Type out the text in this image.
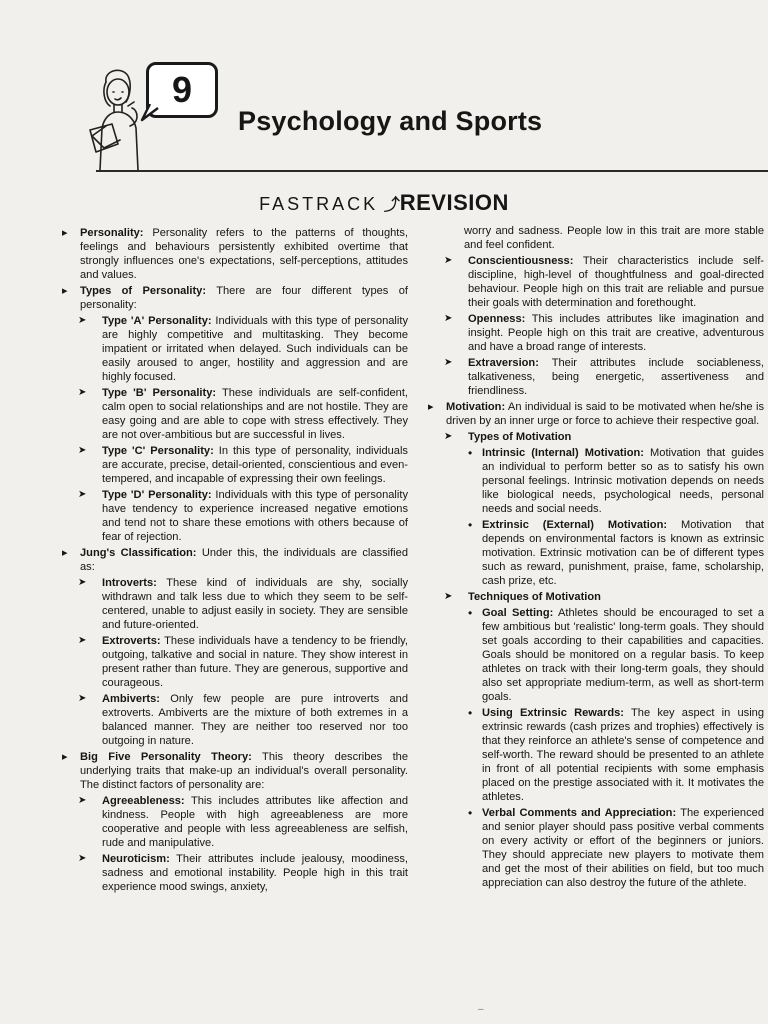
9
Psychology and Sports
FASTRACK ⤴REVISION
▸ Personality: Personality refers to the patterns of thoughts, feelings and behaviours persistently exhibited overtime that strongly influences one's expectations, self-perceptions, attitudes and values.
▸ Types of Personality: There are four different types of personality:
➤ Type 'A' Personality: Individuals with this type of personality are highly competitive and multitasking. They become impatient or irritated when delayed. Such individuals can be easily aroused to anger, hostility and aggression and are highly focused.
➤ Type 'B' Personality: These individuals are self-confident, calm open to social relationships and are not hostile. They are easy going and are able to cope with stress effectively. They are not over-ambitious but are successful in lives.
➤ Type 'C' Personality: In this type of personality, individuals are accurate, precise, detail-oriented, conscientious and even-tempered, and incapable of expressing their own feelings.
➤ Type 'D' Personality: Individuals with this type of personality have tendency to experience increased negative emotions and tend not to share these emotions with others because of fear of rejection.
▸ Jung's Classification: Under this, the individuals are classified as:
➤ Introverts: These kind of individuals are shy, socially withdrawn and talk less due to which they seem to be self-centered, unable to adjust easily in society. They are sensible and future-oriented.
➤ Extroverts: These individuals have a tendency to be friendly, outgoing, talkative and social in nature. They show interest in present rather than future. They are generous, supportive and courageous.
➤ Ambiverts: Only few people are pure introverts and extroverts. Ambiverts are the mixture of both extremes in a balanced manner. They are neither too reserved nor too outgoing in nature.
▸ Big Five Personality Theory: This theory describes the underlying traits that make-up an individual's overall personality. The distinct factors of personality are:
➤ Agreeableness: This includes attributes like affection and kindness. People with high agreeableness are more cooperative and people with less agreeableness are selfish, rude and manipulative.
➤ Neuroticism: Their attributes include jealousy, moodiness, sadness and emotional instability. People high in this trait experience mood swings, anxiety,
worry and sadness. People low in this trait are more stable and feel confident.
➤ Conscientiousness: Their characteristics include self-discipline, high-level of thoughtfulness and goal-directed behaviour. People high on this trait are reliable and pursue their goals with determination and forethought.
➤ Openness: This includes attributes like imagination and insight. People high on this trait are creative, adventurous and have a broad range of interests.
➤ Extraversion: Their attributes include sociableness, talkativeness, being energetic, assertiveness and friendliness.
▸ Motivation: An individual is said to be motivated when he/she is driven by an inner urge or force to achieve their respective goal.
➤ Types of Motivation
• Intrinsic (Internal) Motivation: Motivation that guides an individual to perform better so as to satisfy his own personal feelings. Intrinsic motivation depends on needs like biological needs, psychological needs, personal needs and social needs.
• Extrinsic (External) Motivation: Motivation that depends on environmental factors is known as extrinsic motivation. Extrinsic motivation can be of different types such as reward, punishment, praise, fame, scholarship, cash prize, etc.
➤ Techniques of Motivation
• Goal Setting: Athletes should be encouraged to set a few ambitious but 'realistic' long-term goals. They should set goals according to their capabilities and capacities. Goals should be monitored on a regular basis. To keep athletes on track with their long-term goals, they should also set appropriate medium-term, as well as short-term goals.
• Using Extrinsic Rewards: The key aspect in using extrinsic rewards (cash prizes and trophies) effectively is that they reinforce an athlete's sense of competence and self-worth. The reward should be presented to an athlete in front of all potential recipients with some emphasis placed on the prestige associated with it. It motivates the athletes.
• Verbal Comments and Appreciation: The experienced and senior player should pass positive verbal comments on every activity or effort of the beginners or juniors. They should appreciate new players to motivate them and get the most of their abilities on field, but too much appreciation can also destroy the future of the athlete.
–
